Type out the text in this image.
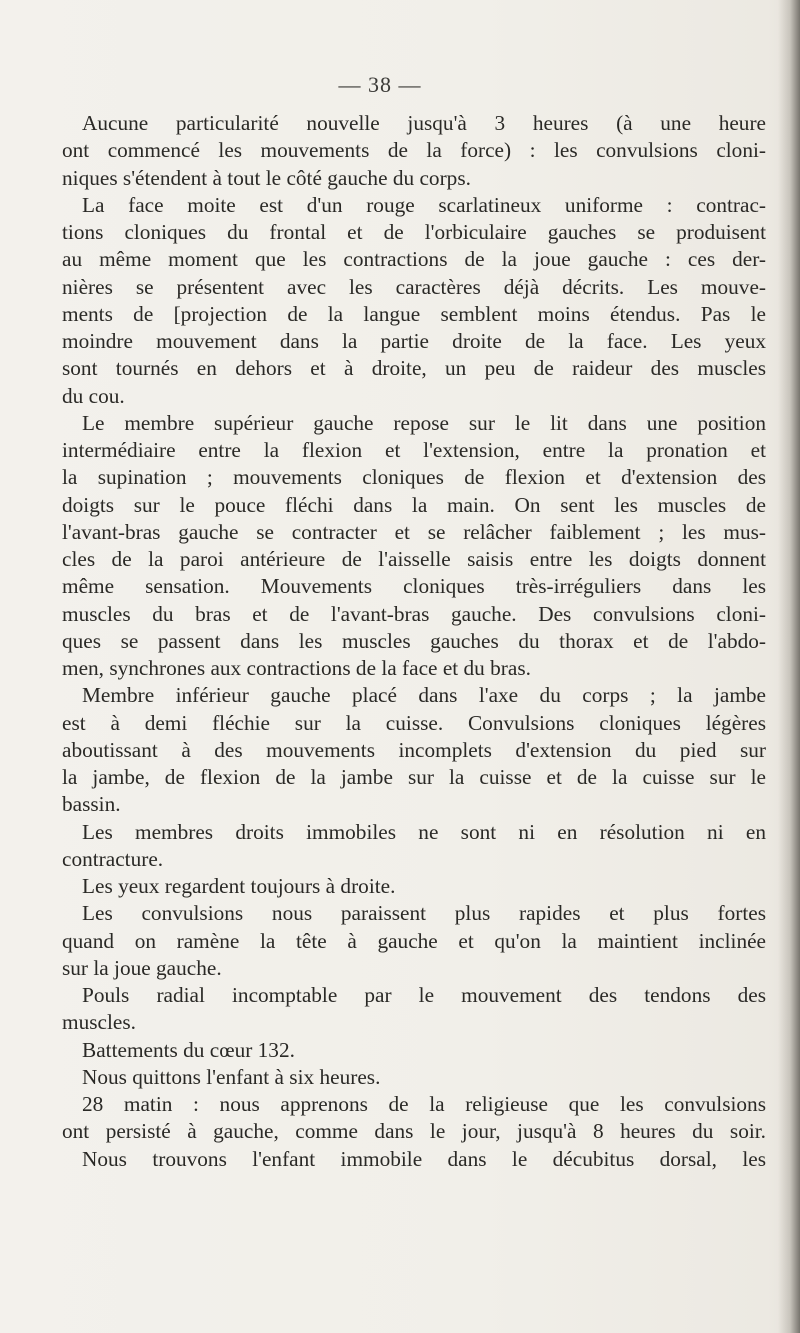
— 38 —
Aucune particularité nouvelle jusqu'à 3 heures (à une heure
ont commencé les mouvements de la force) : les convulsions cloni-
niques s'étendent à tout le côté gauche du corps.
La face moite est d'un rouge scarlatineux uniforme : contrac-
tions cloniques du frontal et de l'orbiculaire gauches se produisent
au même moment que les contractions de la joue gauche : ces der-
nières se présentent avec les caractères déjà décrits. Les mouve-
ments de [projection de la langue semblent moins étendus. Pas le
moindre mouvement dans la partie droite de la face. Les yeux
sont tournés en dehors et à droite, un peu de raideur des muscles
du cou.
Le membre supérieur gauche repose sur le lit dans une position
intermédiaire entre la flexion et l'extension, entre la pronation et
la supination ; mouvements cloniques de flexion et d'extension des
doigts sur le pouce fléchi dans la main. On sent les muscles de
l'avant-bras gauche se contracter et se relâcher faiblement ; les mus-
cles de la paroi antérieure de l'aisselle saisis entre les doigts donnent
même sensation. Mouvements cloniques très-irréguliers dans les
muscles du bras et de l'avant-bras gauche. Des convulsions cloni-
ques se passent dans les muscles gauches du thorax et de l'abdo-
men, synchrones aux contractions de la face et du bras.
Membre inférieur gauche placé dans l'axe du corps ; la jambe
est à demi fléchie sur la cuisse. Convulsions cloniques légères
aboutissant à des mouvements incomplets d'extension du pied sur
la jambe, de flexion de la jambe sur la cuisse et de la cuisse sur le
bassin.
Les membres droits immobiles ne sont ni en résolution ni en
contracture.
Les yeux regardent toujours à droite.
Les convulsions nous paraissent plus rapides et plus fortes
quand on ramène la tête à gauche et qu'on la maintient inclinée
sur la joue gauche.
Pouls radial incomptable par le mouvement des tendons des
muscles.
Battements du cœur 132.
Nous quittons l'enfant à six heures.
28 matin : nous apprenons de la religieuse que les convulsions
ont persisté à gauche, comme dans le jour, jusqu'à 8 heures du soir.
Nous trouvons l'enfant immobile dans le décubitus dorsal, les
